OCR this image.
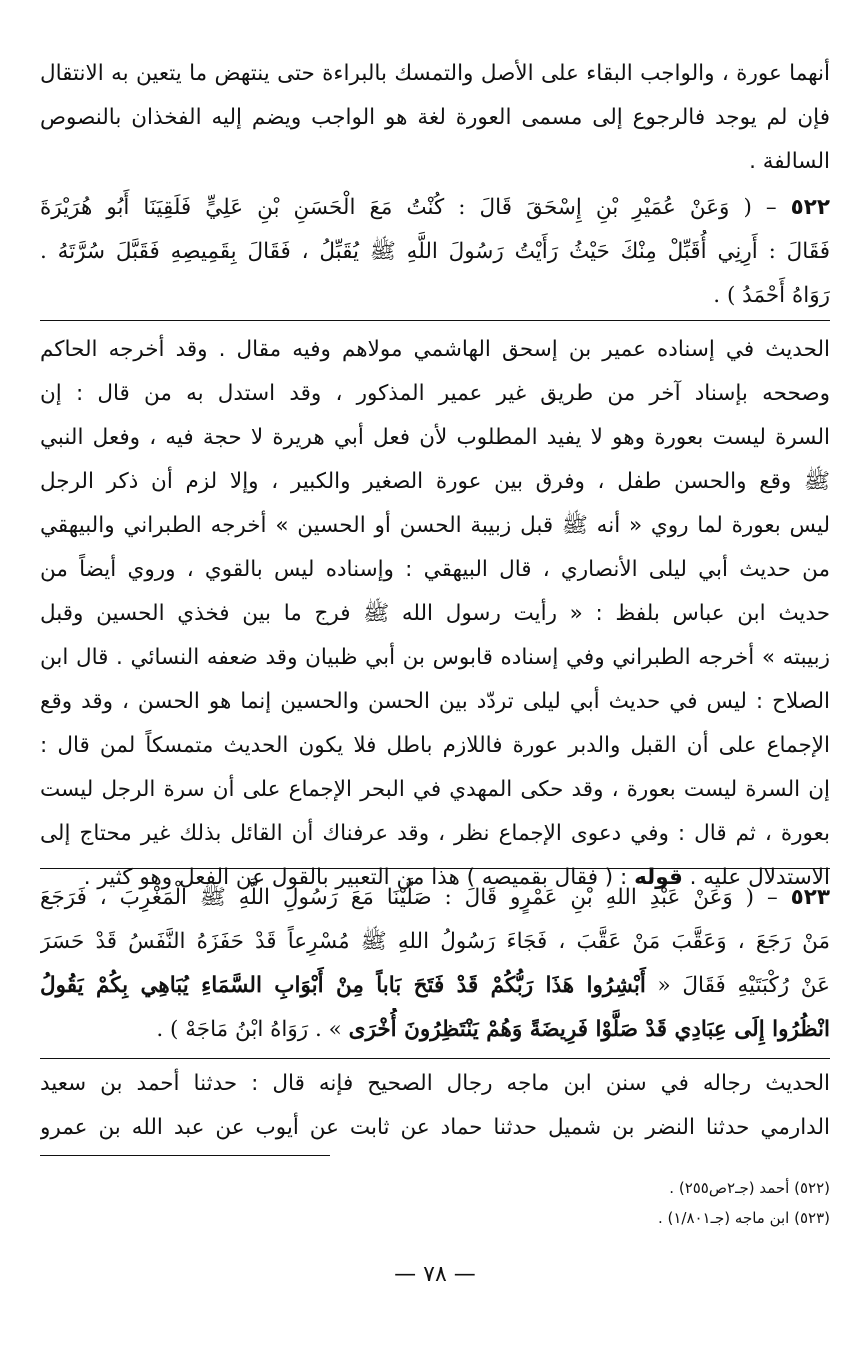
أنهما عورة ، والواجب البقاء على الأصل والتمسك بالبراءة حتى ينتهض ما يتعين به الانتقال
فإن لم يوجد فالرجوع إلى مسمى العورة لغة هو الواجب ويضم إليه الفخذان بالنصوص
السالفة .
٥٢٢ – ( وَعَنْ عُمَيْرِ بْنِ إِسْحَقَ قَالَ : كُنْتُ مَعَ الْحَسَنِ بْنِ عَلِيٍّ فَلَقِيَنَا أَبُو هُرَيْرَةَ
فَقَالَ : أَرِنِي أُقَبِّلْ مِنْكَ حَيْثُ رَأَيْتُ رَسُولَ اللَّهِ ﷺ يُقَبِّلُ ، فَقَالَ بِقَمِيصِهِ فَقَبَّلَ سُرَّتَهُ .
رَوَاهُ أَحْمَدُ ) .
الحديث في إسناده عمير بن إسحق الهاشمي مولاهم وفيه مقال . وقد أخرجه الحاكم
وصححه بإسناد آخر من طريق غير عمير المذكور ، وقد استدل به من قال : إن
السرة ليست بعورة وهو لا يفيد المطلوب لأن فعل أبي هريرة لا حجة فيه ، وفعل النبي
ﷺ وقع والحسن طفل ، وفرق بين عورة الصغير والكبير ، وإلا لزم أن ذكر الرجل
ليس بعورة لما روي « أنه ﷺ قبل زبيبة الحسن أو الحسين » أخرجه الطبراني والبيهقي
من حديث أبي ليلى الأنصاري ، قال البيهقي : وإسناده ليس بالقوي ، وروي أيضاً من
حديث ابن عباس بلفظ : « رأيت رسول الله ﷺ فرج ما بين فخذي الحسين وقبل
زبيبته » أخرجه الطبراني وفي إسناده قابوس بن أبي ظبيان وقد ضعفه النسائي . قال ابن
الصلاح : ليس في حديث أبي ليلى تردّد بين الحسن والحسين إنما هو الحسن ، وقد وقع
الإجماع على أن القبل والدبر عورة فاللازم باطل فلا يكون الحديث متمسكاً لمن قال :
إن السرة ليست بعورة ، وقد حكى المهدي في البحر الإجماع على أن سرة الرجل ليست
بعورة ، ثم قال : وفي دعوى الإجماع نظر ، وقد عرفناك أن القائل بذلك غير محتاج إلى
الاستدلال عليه . قوله : ( فقال بقميصه ) هذا من التعبير بالقول عن الفعل وهو كثير .
٥٢٣ – ( وَعَنْ عَبْدِ اللهِ بْنِ عَمْرٍو قَالَ : صَلَّيْنَا مَعَ رَسُولِ اللَّهِ ﷺ الْمَغْرِبَ ، فَرَجَعَ
مَنْ رَجَعَ ، وَعَقَّبَ مَنْ عَقَّبَ ، فَجَاءَ رَسُولُ اللهِ ﷺ مُسْرِعاً قَدْ حَفَزَهُ النَّفَسُ قَدْ حَسَرَ
عَنْ رُكْبَتَيْهِ فَقَالَ « أَبْشِرُوا هَذَا رَبُّكُمْ قَدْ فَتَحَ بَاباً مِنْ أَبْوَابِ السَّمَاءِ يُبَاهِي بِكُمْ يَقُولُ
انْظُرُوا إِلَى عِبَادِي قَدْ صَلَّوْا فَرِيضَةً وَهُمْ يَنْتَظِرُونَ أُخْرَى » . رَوَاهُ ابْنُ مَاجَهْ ) .
الحديث رجاله في سنن ابن ماجه رجال الصحيح فإنه قال : حدثنا أحمد بن سعيد
الدارمي حدثنا النضر بن شميل حدثنا حماد عن ثابت عن أيوب عن عبد الله بن عمرو
(٥٢٢) أحمد (جـ٢ص٢٥٥) .
(٥٢٣) ابن ماجه (جـ١/٨٠١) .
— ٧٨ —
